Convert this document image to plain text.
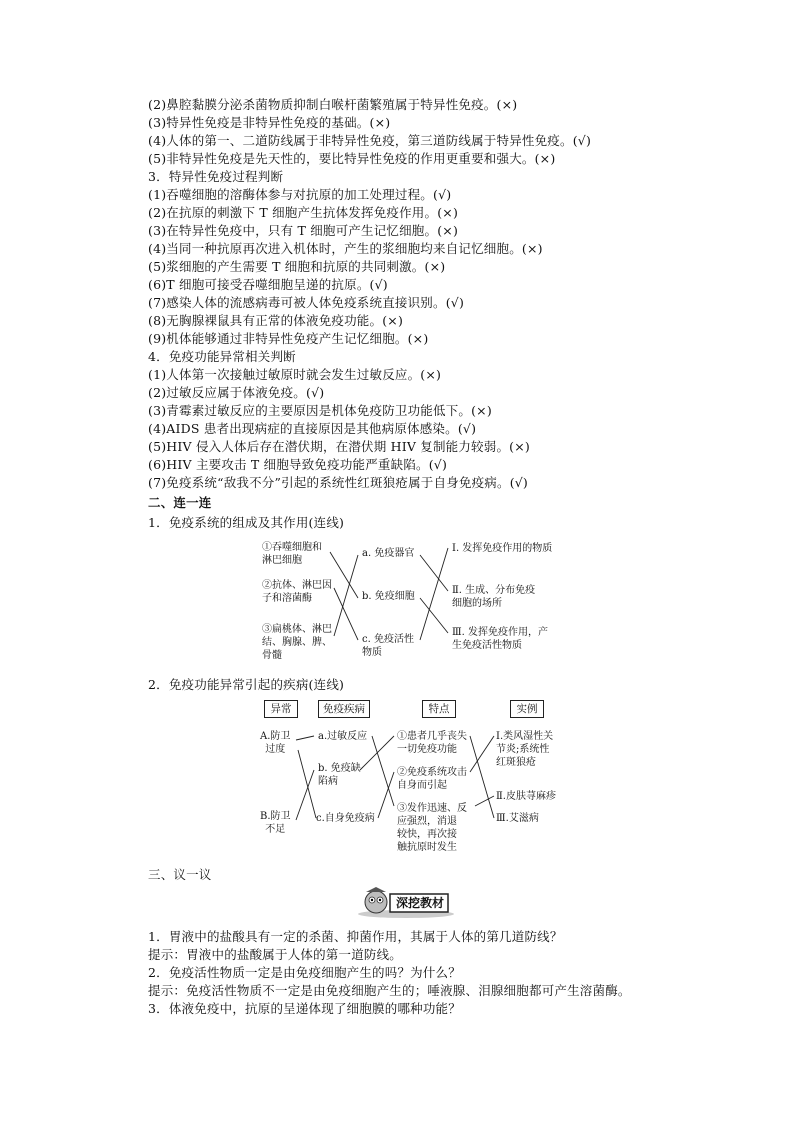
(2)鼻腔黏膜分泌杀菌物质抑制白喉杆菌繁殖属于特异性免疫。(×)
(3)特异性免疫是非特异性免疫的基础。(×)
(4)人体的第一、二道防线属于非特异性免疫，第三道防线属于特异性免疫。(√)
(5)非特异性免疫是先天性的，要比特异性免疫的作用更重要和强大。(×)
3．特异性免疫过程判断
(1)吞噬细胞的溶酶体参与对抗原的加工处理过程。(√)
(2)在抗原的刺激下 T 细胞产生抗体发挥免疫作用。(×)
(3)在特异性免疫中，只有 T 细胞可产生记忆细胞。(×)
(4)当同一种抗原再次进入机体时，产生的浆细胞均来自记忆细胞。(×)
(5)浆细胞的产生需要 T 细胞和抗原的共同刺激。(×)
(6)T 细胞可接受吞噬细胞呈递的抗原。(√)
(7)感染人体的流感病毒可被人体免疫系统直接识别。(√)
(8)无胸腺裸鼠具有正常的体液免疫功能。(×)
(9)机体能够通过非特异性免疫产生记忆细胞。(×)
4．免疫功能异常相关判断
(1)人体第一次接触过敏原时就会发生过敏反应。(×)
(2)过敏反应属于体液免疫。(√)
(3)青霉素过敏反应的主要原因是机体免疫防卫功能低下。(×)
(4)AIDS 患者出现病症的直接原因是其他病原体感染。(√)
(5)HIV 侵入人体后存在潜伏期，在潜伏期 HIV 复制能力较弱。(×)
(6)HIV 主要攻击 T 细胞导致免疫功能严重缺陷。(√)
(7)免疫系统“敌我不分”引起的系统性红斑狼疮属于自身免疫病。(√)
二、连一连
1．免疫系统的组成及其作用(连线)
①吞噬细胞和
淋巴细胞
②抗体、淋巴因
子和溶菌酶
③扁桃体、淋巴
结、胸腺、脾、
骨髓
a. 免疫器官
b. 免疫细胞
c. 免疫活性
物质
Ⅰ. 发挥免疫作用的物质
Ⅱ. 生成、分布免疫
细胞的场所
Ⅲ. 发挥免疫作用，产
生免疫活性物质
2．免疫功能异常引起的疾病(连线)
异常	免疫疾病	特点	实例
A.防卫
过度
B.防卫
不足
a.过敏反应
b. 免疫缺
陷病
c.自身免疫病
①患者几乎丧失
一切免疫功能
②免疫系统攻击
自身而引起
③发作迅速、反
应强烈，消退
较快，再次接
触抗原时发生
Ⅰ.类风湿性关
节炎;系统性
红斑狼疮
Ⅱ.皮肤荨麻疹
Ⅲ.艾滋病
三、议一议
深挖教材
1．胃液中的盐酸具有一定的杀菌、抑菌作用，其属于人体的第几道防线？
提示：胃液中的盐酸属于人体的第一道防线。
2．免疫活性物质一定是由免疫细胞产生的吗？为什么？
提示：免疫活性物质不一定是由免疫细胞产生的；唾液腺、泪腺细胞都可产生溶菌酶。
3．体液免疫中，抗原的呈递体现了细胞膜的哪种功能？
